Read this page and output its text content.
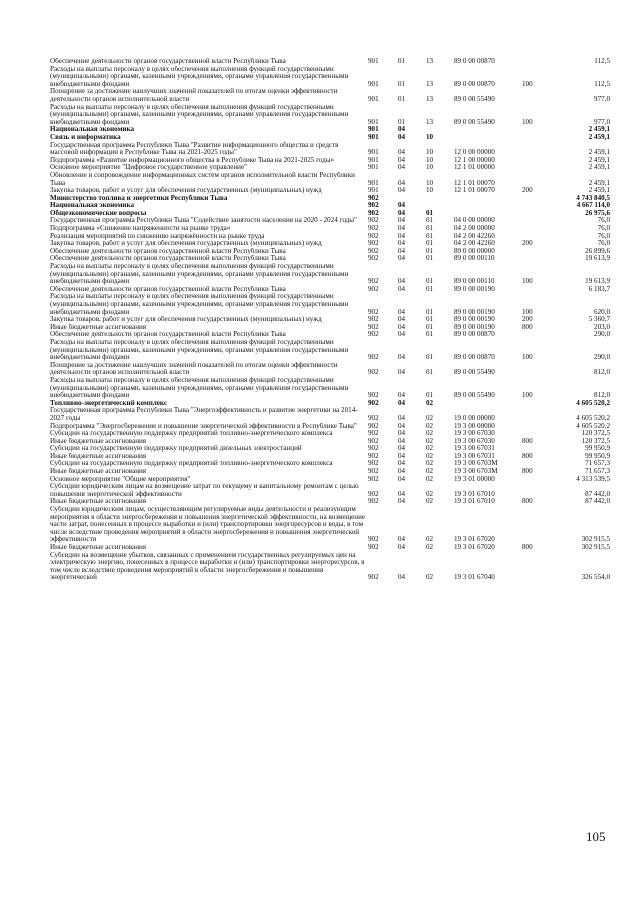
Обеспечение деятельности органов государственной власти Республики Тыва	901	01	13	89 0 00 00870		112,5
Расходы на выплаты персоналу в целях обеспечения выполнения функций государственными (муниципальными) органами, казенными учреждениями, органами управления государственными внебюджетными фондами	901	01	13	89 0 00 00870	100	112,5
Поощрение за достижение наилучших значений показателей по итогам оценки эффективности деятельности органов исполнительной власти	901	01	13	89 0 00 55490		977,0
Расходы на выплаты персоналу в целях обеспечения выполнения функций государственными (муниципальными) органами, казенными учреждениями, органами управления государственными внебюджетными фондами	901	01	13	89 0 00 55490	100	977,0
Национальная экономика	901	04				2 459,1
Связь и информатика	901	04	10			2 459,1
Государственная программа Республики Тыва "Развитие информационного общества и средств массовой информации в Республике Тыва на 2021-2025 годы"	901	04	10	12 0 00 00000		2 459,1
Подпрограмма «Развитие информационного общества в Республике Тыва на 2021-2025 годы»	901	04	10	12 1 00 00000		2 459,1
Основное мероприятие "Цифровое государственное управление"	901	04	10	12 1 01 00000		2 459,1
Обновление и сопровождение информационных систем органов исполнительной власти Республики Тыва	901	04	10	12 1 01 00070		2 459,1
Закупка товаров, работ и услуг для обеспечения государственных (муниципальных) нужд	901	04	10	12 1 01 00070	200	2 459,1
Министерство топлива и энергетики Республики Тыва	902					4 743 840,5
Национальная экономика	902	04				4 667 114,0
Общеэкономические вопросы	902	04	01			26 975,6
Государственная программа Республики Тыва "Содействие занятости населения на 2020 - 2024 годы"	902	04	01	04 0 00 00000		76,0
Подпрограмма «Снижение напряженности на рынке труда»	902	04	01	04 2 00 00000		76,0
Реализация мероприятий по снижению напряжённости на рынке труда	902	04	01	04 2 00 42260		76,0
Закупка товаров, работ и услуг для обеспечения государственных (муниципальных) нужд	902	04	01	04 2 00 42260	200	76,0
Обеспечение деятельности органов государственной власти Республики Тыва	902	04	01	89 0 00 00000		26 899,6
Обеспечение деятельности органов государственной власти Республики Тыва	902	04	01	89 0 00 00110		19 613,9
Расходы на выплаты персоналу в целях обеспечения выполнения функций государственными (муниципальными) органами, казенными учреждениями, органами управления государственными внебюджетными фондами	902	04	01	89 0 00 00110	100	19 613,9
Обеспечение деятельности органов государственной власти Республики Тыва	902	04	01	89 0 00 00190		6 183,7
Расходы на выплаты персоналу в целях обеспечения выполнения функций государственными (муниципальными) органами, казенными учреждениями, органами управления государственными внебюджетными фондами	902	04	01	89 0 00 00190	100	620,0
Закупка товаров, работ и услуг для обеспечения государственных (муниципальных) нужд	902	04	01	89 0 00 00190	200	5 360,7
Иные бюджетные ассигнования	902	04	01	89 0 00 00190	800	203,0
Обеспечение деятельности органов государственной власти Республики Тыва	902	04	01	89 0 00 00870		290,0
Расходы на выплаты персоналу в целях обеспечения выполнения функций государственными (муниципальными) органами, казенными учреждениями, органами управления государственными внебюджетными фондами	902	04	01	89 0 00 00870	100	290,0
Поощрение за достижение наилучших значений показателей по итогам оценки эффективности деятельности органов исполнительной власти	902	04	01	89 0 00 55490		812,0
Расходы на выплаты персоналу в целях обеспечения выполнения функций государственными (муниципальными) органами, казенными учреждениями, органами управления государственными внебюджетными фондами	902	04	01	89 0 00 55490	100	812,0
Топливно-энергетический комплекс	902	04	02			4 605 520,2
Государственная программа Республики Тыва "Энергоэффективность и развитие энергетики на 2014-2027 годы	902	04	02	19 0 00 00000		4 605 520,2
Подпрограмма "Энергосбережение и повышение энергетической эффективности в Республике Тыва"	902	04	02	19 3 00 00000		4 605 520,2
Субсидии на государственную поддержку предприятий топливно-энергетического комплекса	902	04	02	19 3 00 67030		120 372,5
Иные бюджетные ассигнования	902	04	02	19 3 00 67030	800	120 372,5
Субсидии на государственную поддержку предприятий дизельных электростанций	902	04	02	19 3 00 67031		99 950,9
Иные бюджетные ассигнования	902	04	02	19 3 00 67031	800	99 950,9
Субсидии на государственную поддержку предприятий топливно-энергетического комплекса	902	04	02	19 3 00 6703М		71 657,3
Иные бюджетные ассигнования	902	04	02	19 3 00 6703М	800	71 657,3
Основное мероприятие "Общие мероприятия"	902	04	02	19 3 01 00000		4 313 539,5
Субсидии юридическим лицам на возмещение затрат по текущему и капитальному ремонтам с целью повышения энергетической эффективности	902	04	02	19 3 01 67010		87 442,0
Иные бюджетные ассигнования	902	04	02	19 3 01 67010	800	87 442,0
Субсидии юридическим лицам, осуществляющим регулируемые виды деятельности и реализующим мероприятия в области энергосбережения и повышения энергетической эффективности, на возмещение части затрат, понесенных в процессе выработки и (или) транспортировки энергоресурсов и воды, в том числе вследствие проведения мероприятий в области энергосбережения и повышения энергетической эффективности	902	04	02	19 3 01 67020		302 915,5
Иные бюджетные ассигнования	902	04	02	19 3 01 67020	800	302 915,5
Субсидии на возмещение убытков, связанных с применением государственных регулируемых цен на электрическую энергию, понесенных в процессе выработки и (или) транспортировки энергоресурсов, в том числе вследствие проведения мероприятий в области энергосбережения и повышения энергетической	902	04	02	19 3 01 67040		326 554,0
105
